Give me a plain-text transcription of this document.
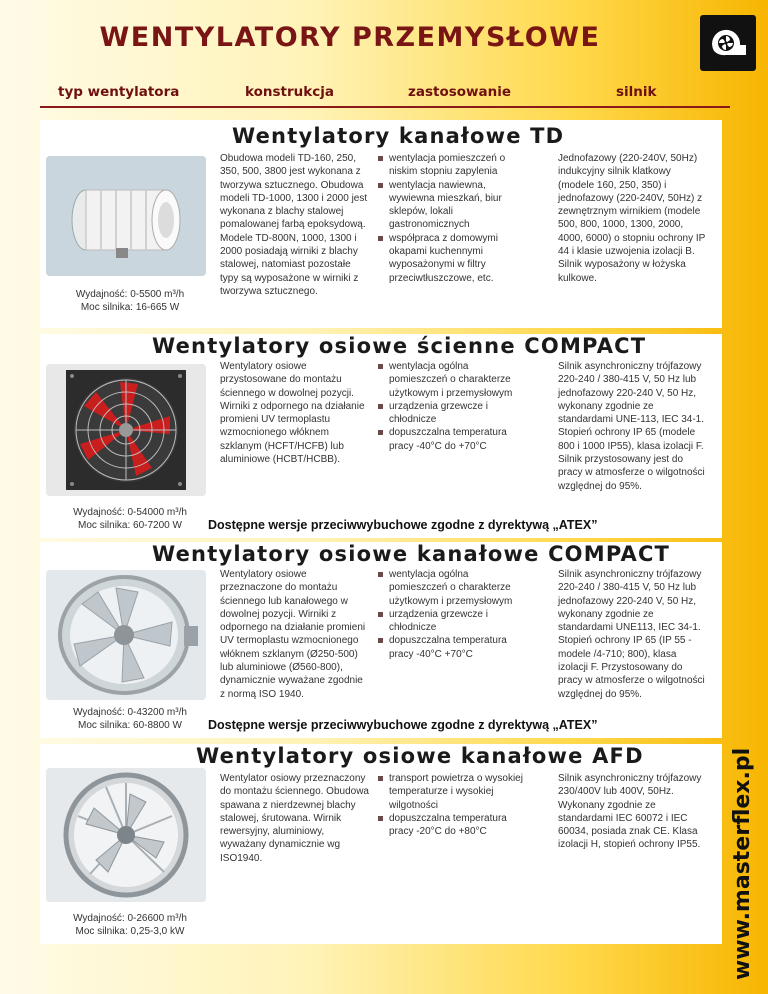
WENTYLATORY PRZEMYSŁOWE
typ wentylatora	konstrukcja	zastosowanie	silnik
Wentylatory kanałowe TD
Wydajność: 0-5500 m³/h
Moc silnika: 16-665 W
Obudowa modeli TD-160, 250, 350, 500, 3800 jest wykonana z tworzywa sztucznego. Obudowa modeli TD-1000, 1300 i 2000 jest wykonana z blachy stalowej pomalowanej farbą epoksydową. Modele TD-800N, 1000, 1300 i 2000 posiadają wirniki z blachy stalowej, natomiast pozostałe typy są wyposażone w wirniki z tworzywa sztucznego.
wentylacja pomieszczeń o niskim stopniu zapylenia
wentylacja nawiewna, wywiewna mieszkań, biur sklepów, lokali gastronomicznych
współpraca z domowymi okapami kuchennymi wyposażonymi w filtry przeciwtłuszczowe, etc.
Jednofazowy (220-240V, 50Hz) indukcyjny silnik klatkowy (modele 160, 250, 350) i jednofazowy (220-240V, 50Hz) z zewnętrznym wirnikiem (modele 500, 800, 1000, 1300, 2000, 4000, 6000) o stopniu ochrony IP 44 i klasie uzwojenia izolacji B. Silnik wyposażony w łożyska kulkowe.
Wentylatory osiowe ścienne COMPACT
Wydajność: 0-54000 m³/h
Moc silnika: 60-7200 W
Wentylatory osiowe przystosowane do montażu ściennego w dowolnej pozycji. Wirniki z odpornego na działanie promieni UV termoplastu wzmocnionego włóknem szklanym (HCFT/HCFB) lub aluminiowe (HCBT/HCBB).
wentylacja ogólna pomieszczeń o charakterze użytkowym i przemysłowym
urządzenia grzewcze i chłodnicze
dopuszczalna temperatura pracy -40°C do +70°C
Silnik asynchroniczny trójfazowy 220-240 / 380-415 V, 50 Hz lub jednofazowy 220-240 V, 50 Hz, wykonany zgodnie ze standardami UNE-113, IEC 34-1. Stopień ochrony IP 65 (modele 800 i 1000 IP55), klasa izolacji F. Silnik przystosowany jest do pracy w atmosferze o wilgotności względnej do 95%.
Dostępne wersje przeciwwybuchowe zgodne z dyrektywą „ATEX”
Wentylatory osiowe kanałowe COMPACT
Wydajność: 0-43200 m³/h
Moc silnika: 60-8800 W
Wentylatory osiowe przeznaczone do montażu ściennego lub kanałowego w dowolnej pozycji. Wirniki z odpornego na działanie promieni UV termoplastu wzmocnionego włóknem szklanym (Ø250-500) lub aluminiowe (Ø560-800), dynamicznie wyważane zgodnie z normą ISO 1940.
wentylacja ogólna pomieszczeń o charakterze użytkowym i przemysłowym
urządzenia grzewcze i chłodnicze
dopuszczalna temperatura pracy -40°C +70°C
Silnik asynchroniczny trójfazowy 220-240 / 380-415 V, 50 Hz lub jednofazowy 220-240 V, 50 Hz, wykonany zgodnie ze standardami UNE113, IEC 34-1. Stopień ochrony IP 65 (IP 55 - modele /4-710; 800), klasa izolacji F. Przystosowany do pracy w atmosferze o wilgotności względnej do 95%.
Dostępne wersje przeciwwybuchowe zgodne z dyrektywą „ATEX”
Wentylatory osiowe kanałowe AFD
Wydajność: 0-26600 m³/h
Moc silnika: 0,25-3,0 kW
Wentylator osiowy przeznaczony do montażu ściennego. Obudowa spawana z nierdzewnej blachy stalowej, śrutowana. Wirnik rewersyjny, aluminiowy, wyważany dynamicznie wg ISO1940.
transport powietrza o wysokiej temperaturze i wysokiej wilgotności
dopuszczalna temperatura pracy -20°C do +80°C
Silnik asynchroniczny trójfazowy 230/400V lub 400V, 50Hz. Wykonany zgodnie ze standardami IEC 60072 i IEC 60034, posiada znak CE. Klasa izolacji H, stopień ochrony IP55.	www.masterflex.pl
